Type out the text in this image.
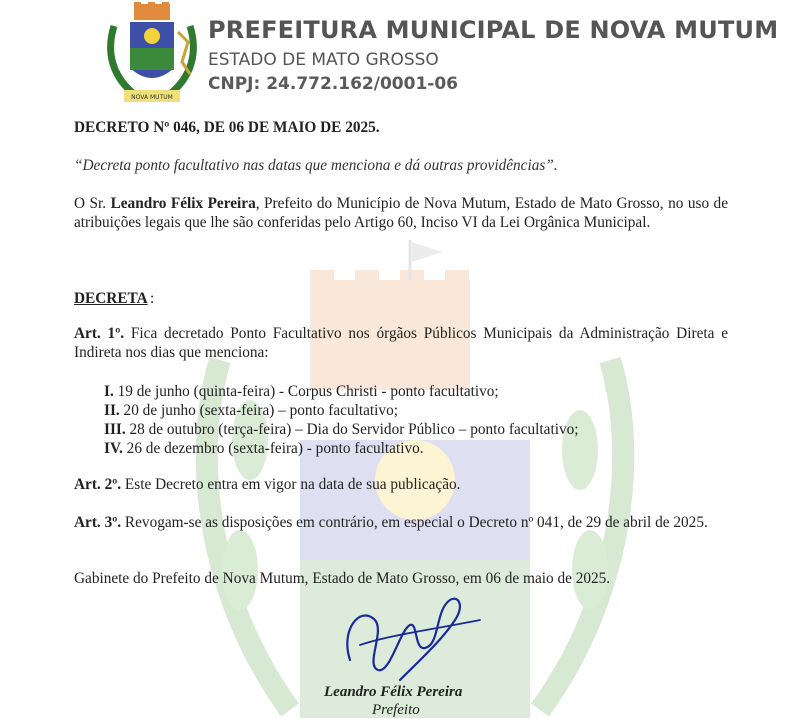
NOVA MUTUM
PREFEITURA MUNICIPAL DE NOVA MUTUM
ESTADO DE MATO GROSSO
CNPJ: 24.772.162/0001-06
DECRETO Nº 046, DE 06 DE MAIO DE 2025.
“Decreta ponto facultativo nas datas que menciona e dá outras providências”.
O Sr. Leandro Félix Pereira, Prefeito do Município de Nova Mutum, Estado de Mato Grosso, no uso de atribuições legais que lhe são conferidas pelo Artigo 60, Inciso VI da Lei Orgânica Municipal.
DECRETA :
Art. 1º. Fica decretado Ponto Facultativo nos órgãos Públicos Municipais da Administração Direta e Indireta nos dias que menciona:
I. 19 de junho (quinta-feira) - Corpus Christi - ponto facultativo;
II. 20 de junho (sexta-feira) – ponto facultativo;
III. 28 de outubro (terça-feira) – Dia do Servidor Público – ponto facultativo;
IV. 26 de dezembro (sexta-feira) - ponto facultativo.
Art. 2º. Este Decreto entra em vigor na data de sua publicação.
Art. 3º. Revogam-se as disposições em contrário, em especial o Decreto nº 041, de 29 de abril de 2025.
Gabinete do Prefeito de Nova Mutum, Estado de Mato Grosso, em 06 de maio de 2025.
Leandro Félix Pereira
Prefeito
